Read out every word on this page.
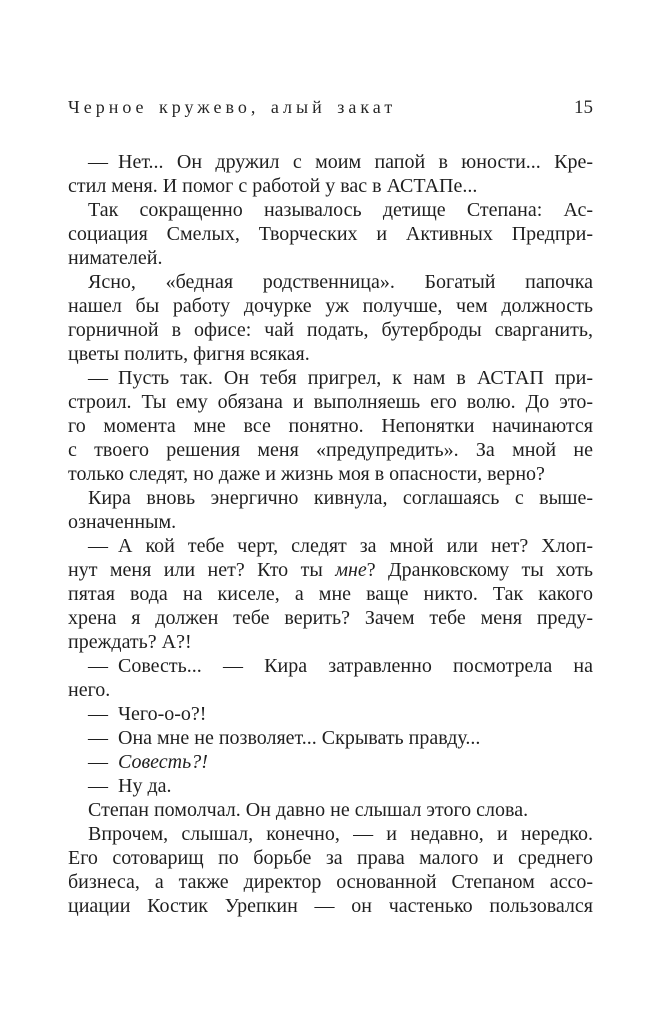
Черное кружево, алый закат	15
— Нет... Он дружил с моим папой в юности... Кре-
стил меня. И помог с работой у вас в АСТАПе...
Так сокращенно называлось детище Степана: Ас-
социация Смелых, Творческих и Активных Предпри-
нимателей.
Ясно, «бедная родственница». Богатый папочка
нашел бы работу дочурке уж получше, чем должность
горничной в офисе: чай подать, бутерброды сварганить,
цветы полить, фигня всякая.
— Пусть так. Он тебя пригрел, к нам в АСТАП при-
строил. Ты ему обязана и выполняешь его волю. До это-
го момента мне все понятно. Непонятки начинаются
с твоего решения меня «предупредить». За мной не
только следят, но даже и жизнь моя в опасности, верно?
Кира вновь энергично кивнула, соглашаясь с выше-
означенным.
— А кой тебе черт, следят за мной или нет? Хлоп-
нут меня или нет? Кто ты мне? Дранковскому ты хоть
пятая вода на киселе, а мне ваще никто. Так какого
хрена я должен тебе верить? Зачем тебе меня преду-
преждать? А?!
— Совесть... — Кира затравленно посмотрела на
него.
— Чего-о-о?!
— Она мне не позволяет... Скрывать правду...
— Совесть?!
— Ну да.
Степан помолчал. Он давно не слышал этого слова.
Впрочем, слышал, конечно, — и недавно, и нередко.
Его сотоварищ по борьбе за права малого и среднего
бизнеса, а также директор основанной Степаном ассо-
циации Костик Урепкин — он частенько пользовался
